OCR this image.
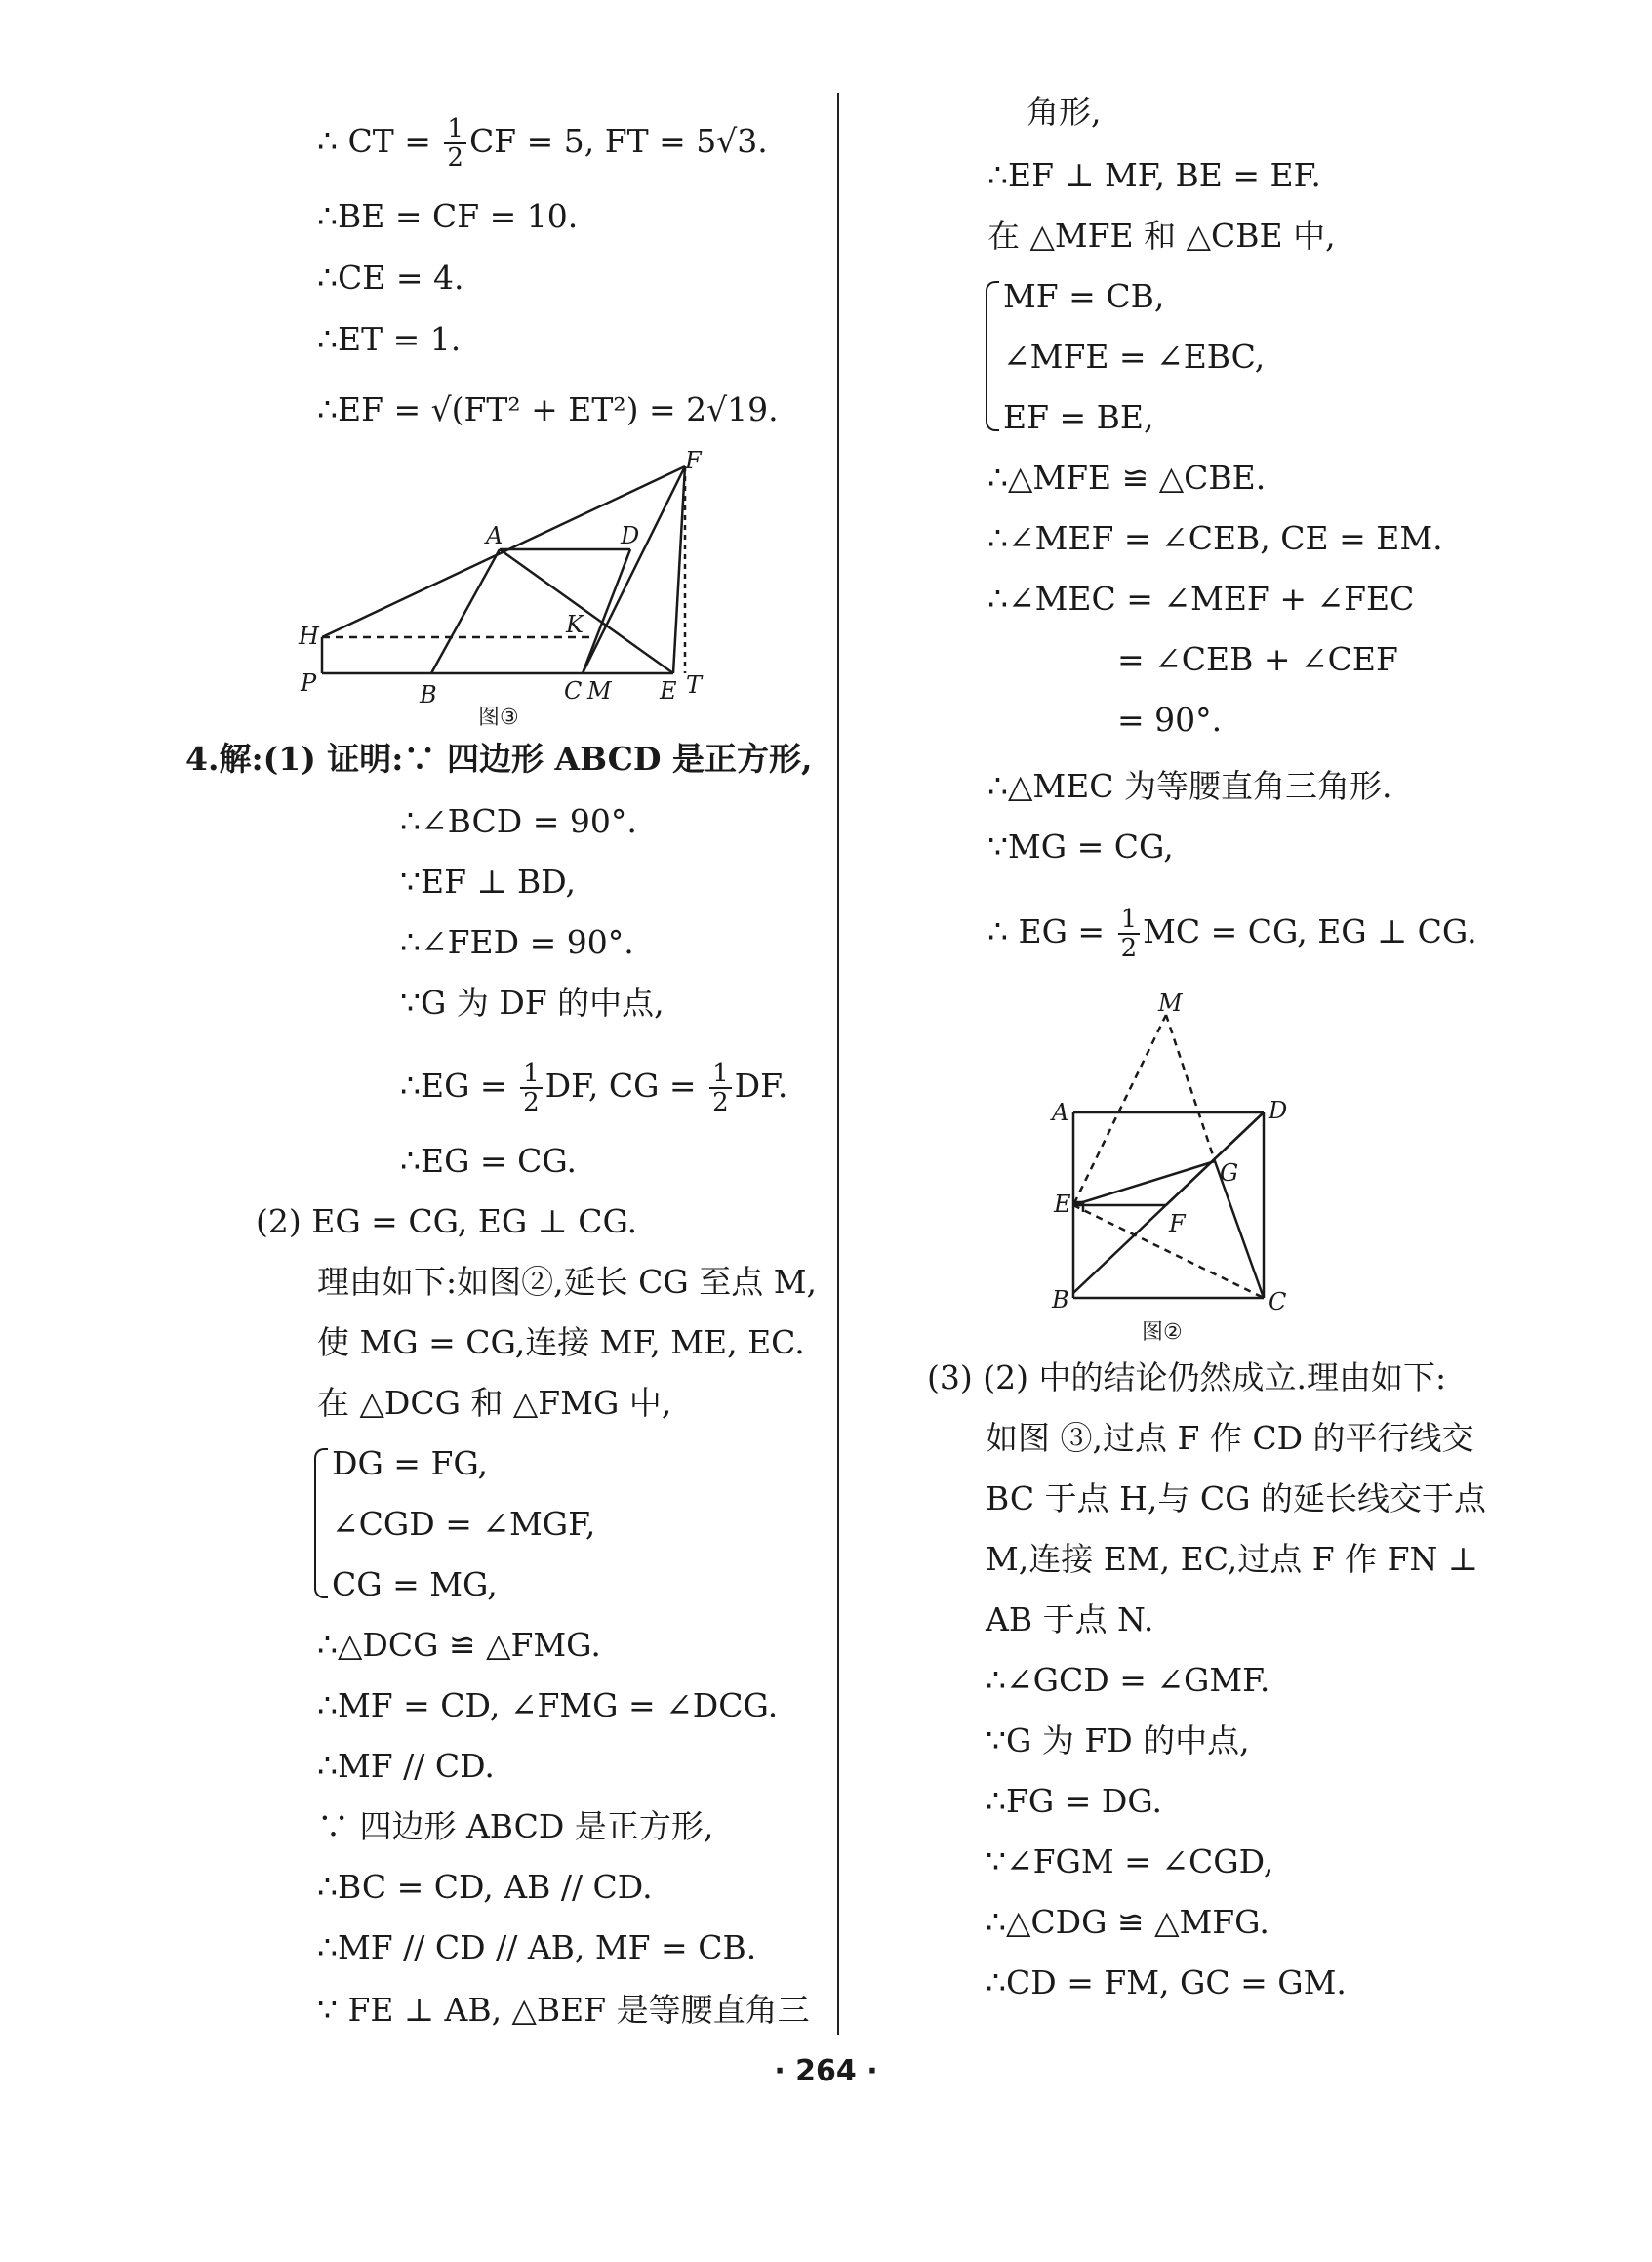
∴ CT = $\frac{1}{2}$ CF = 5, FT = 5√3.
∴BE = CF = 10.
∴CE = 4.
∴ET = 1.
∴EF = √(FT² + ET²) = 2√19.
F
A	D
H	K
P	B	C M E T
图③
4.解:(1) 证明:∵ 四边形 ABCD 是正方形,
∴∠BCD = 90°.
∵EF ⊥ BD,
∴∠FED = 90°.
∵G 为 DF 的中点,
∴EG = $\frac{1}{2}$ DF, CG = $\frac{1}{2}$ DF.
∴EG = CG.
(2) EG = CG, EG ⊥ CG.
理由如下:如图②,延长 CG 至点 M,
使 MG = CG,连接 MF, ME, EC.
在 △DCG 和 △FMG 中,
DG = FG,
∠CGD = ∠MGF,
CG = MG,
∴△DCG ≌ △FMG.
∴MF = CD, ∠FMG = ∠DCG.
∴MF // CD.
∵ 四边形 ABCD 是正方形,
∴BC = CD, AB // CD.
∴MF // CD // AB, MF = CB.
∵ FE ⊥ AB, △BEF 是等腰直角三
角形,
∴EF ⊥ MF, BE = EF.
在 △MFE 和 △CBE 中,
MF = CB,
∠MFE = ∠EBC,
EF = BE,
∴△MFE ≌ △CBE.
∴∠MEF = ∠CEB, CE = EM.
∴∠MEC = ∠MEF + ∠FEC
= ∠CEB + ∠CEF
= 90°.
∴△MEC 为等腰直角三角形.
∵MG = CG,
∴ EG = $\frac{1}{2}$ MC = CG, EG ⊥ CG.
M
A	D
G
E
F
B	C
图②
(3) (2) 中的结论仍然成立.理由如下:
如图 ③,过点 F 作 CD 的平行线交
BC 于点 H,与 CG 的延长线交于点
M,连接 EM, EC,过点 F 作 FN ⊥
AB 于点 N.
∴∠GCD = ∠GMF.
∵G 为 FD 的中点,
∴FG = DG.
∵∠FGM = ∠CGD,
∴△CDG ≌ △MFG.
∴CD = FM, GC = GM.
· 264 ·
